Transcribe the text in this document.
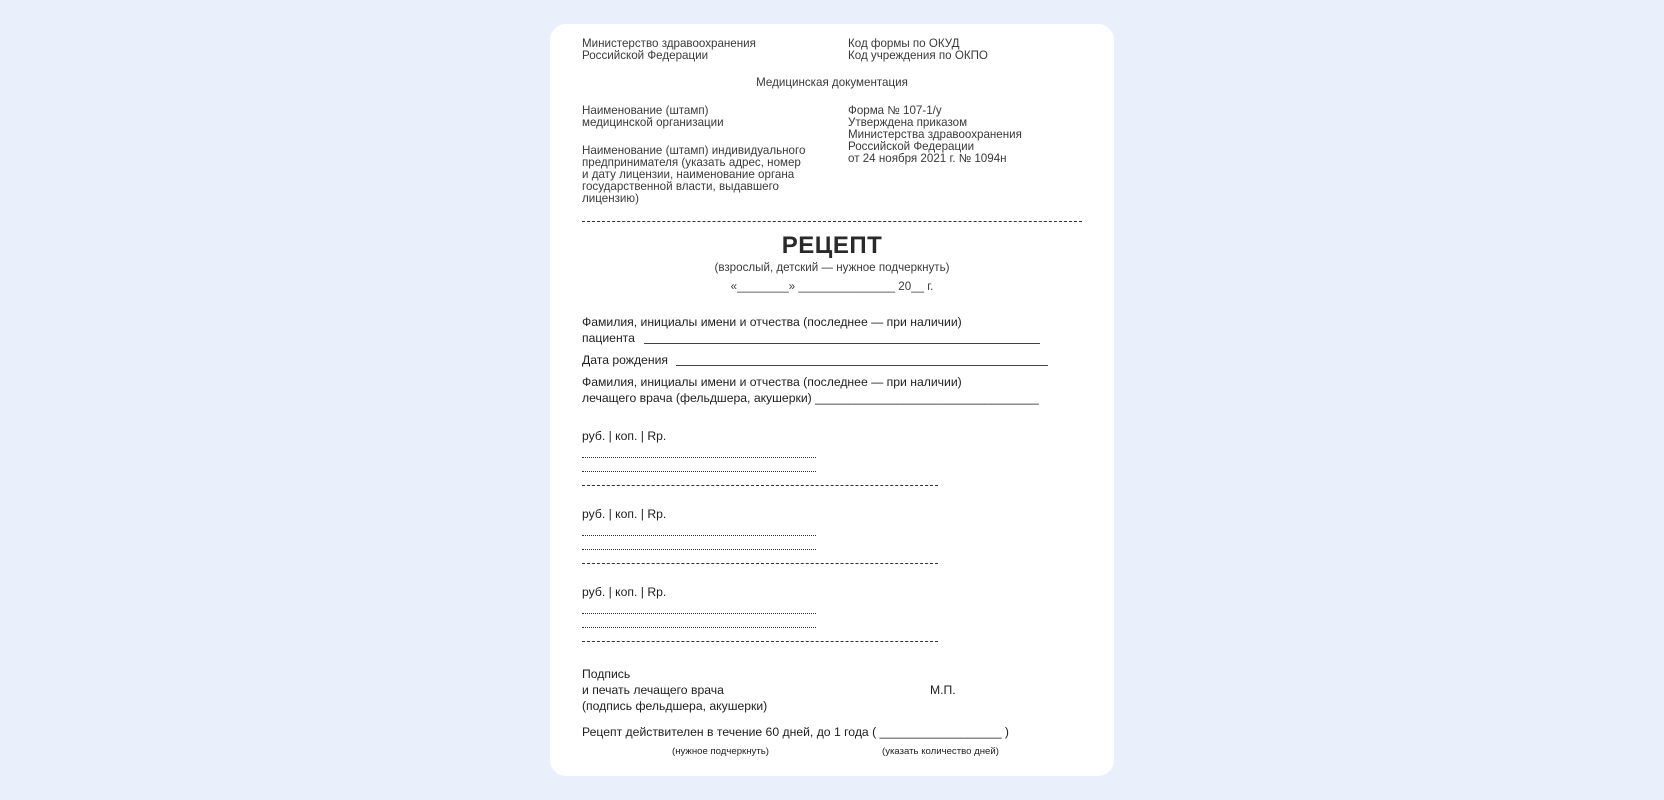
Министерство здравоохранения
Российской Федерации
Код формы по ОКУД
Код учреждения по ОКПО
Медицинская документация
Наименование (штамп)
медицинской организации
Наименование (штамп) индивидуального
предпринимателя (указать адрес, номер
и дату лицензии, наименование органа
государственной власти, выдавшего
лицензию)
Форма № 107-1/у
Утверждена приказом
Министерства здравоохранения
Российской Федерации
от 24 ноября 2021 г. № 1094н
РЕЦЕПТ
(взрослый, детский — нужное подчеркнуть)
«________» _______________ 20__ г.
Фамилия, инициалы имени и отчества (последнее — при наличии)
пациента
Дата рождения
Фамилия, инициалы имени и отчества (последнее — при наличии)
лечащего врача (фельдшера, акушерки) _________________________________
руб. | коп. | Rp.
руб. | коп. | Rp.
руб. | коп. | Rp.
Подпись
и печать лечащего врача
(подпись фельдшера, акушерки)
М.П.
Рецепт действителен в течение 60 дней, до 1 года ( __________________ )
(нужное подчеркнуть)	(указать количество дней)
